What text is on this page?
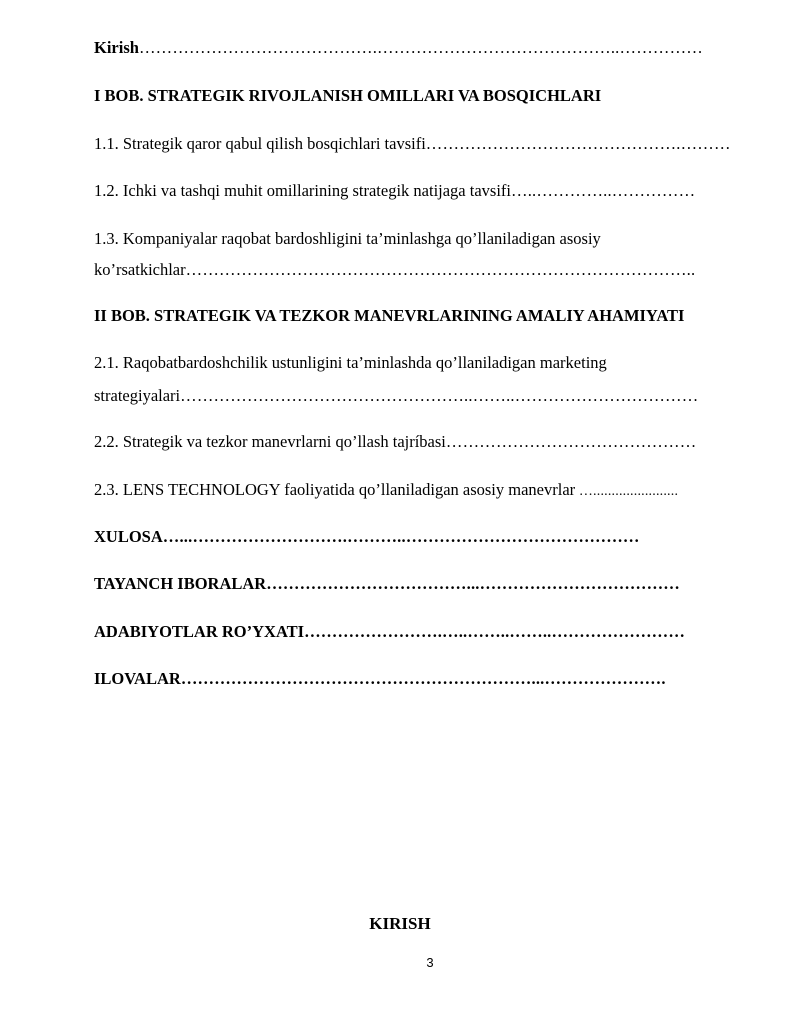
Kirish…………………………………….……………………………………..……………
I BOB. STRATEGIK RIVOJLANISH OMILLARI VA BOSQICHLARI
1.1. Strategik qaror qabul qilish bosqichlari tavsifi……………………………………….………
1.2. Ichki va tashqi muhit omillarining strategik natijaga tavsifi…..…………..……………
1.3. Kompaniyalar raqobat bardoshligini ta’minlashga qo’llaniladigan asosiy
ko’rsatkichlar………………………………………………………………………………..
II BOB. STRATEGIK VA TEZKOR MANEVRLARINING AMALIY AHAMIYATI
2.1. Raqobatbardoshchilik ustunligini ta’minlashda qo’llaniladigan marketing
strategiyalari……………………………………………..……..……………………………
2.2. Strategik va tezkor manevrlarni qo’llash tajríbasi………………………………………
2.3. LENS TECHNOLOGY faoliyatida qo’llaniladigan asosiy manevrlar ….......................
XULOSA…...……………………….………..……………………………………
TAYANCH IBORALAR………………………………...………………………………
ADABIYOTLAR RO’YXATI…………………….…..……..……..……………………
ILOVALAR………………………………………………………...………………….
KIRISH
3
